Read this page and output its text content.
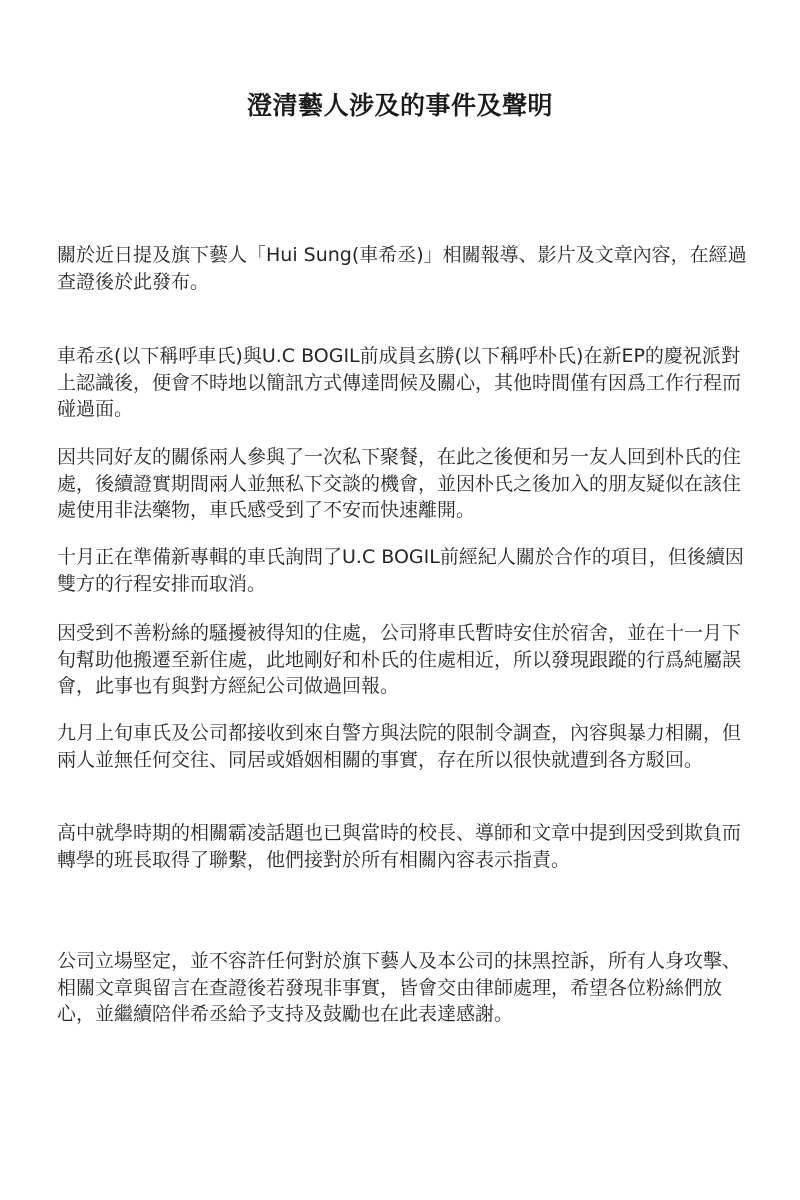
澄清藝人涉及的事件及聲明

關於近日提及旗下藝人「Hui Sung(車希丞)」相關報導、影片及文章內容，在經過查證後於此發布。

車希丞(以下稱呼車氏)與U.C BOGIL前成員玄勝(以下稱呼朴氏)在新EP的慶祝派對上認識後，便會不時地以簡訊方式傳達問候及關心，其他時間僅有因爲工作行程而碰過面。

因共同好友的關係兩人參與了一次私下聚餐，在此之後便和另一友人回到朴氏的住處，後續證實期間兩人並無私下交談的機會，並因朴氏之後加入的朋友疑似在該住處使用非法藥物，車氏感受到了不安而快速離開。

十月正在準備新專輯的車氏詢問了U.C BOGIL前經紀人關於合作的項目，但後續因雙方的行程安排而取消。

因受到不善粉絲的騷擾被得知的住處，公司將車氏暫時安住於宿舍，並在十一月下旬幫助他搬遷至新住處，此地剛好和朴氏的住處相近，所以發現跟蹤的行爲純屬誤會，此事也有與對方經紀公司做過回報。

九月上旬車氏及公司都接收到來自警方與法院的限制令調查，內容與暴力相關，但兩人並無任何交往、同居或婚姻相關的事實，存在所以很快就遭到各方駁回。

高中就學時期的相關霸凌話題也已與當時的校長、導師和文章中提到因受到欺負而轉學的班長取得了聯繫，他們接對於所有相關內容表示指責。

公司立場堅定，並不容許任何對於旗下藝人及本公司的抹黑控訴，所有人身攻擊、相關文章與留言在查證後若發現非事實，皆會交由律師處理，希望各位粉絲們放心，並繼續陪伴希丞給予支持及鼓勵也在此表達感謝。
